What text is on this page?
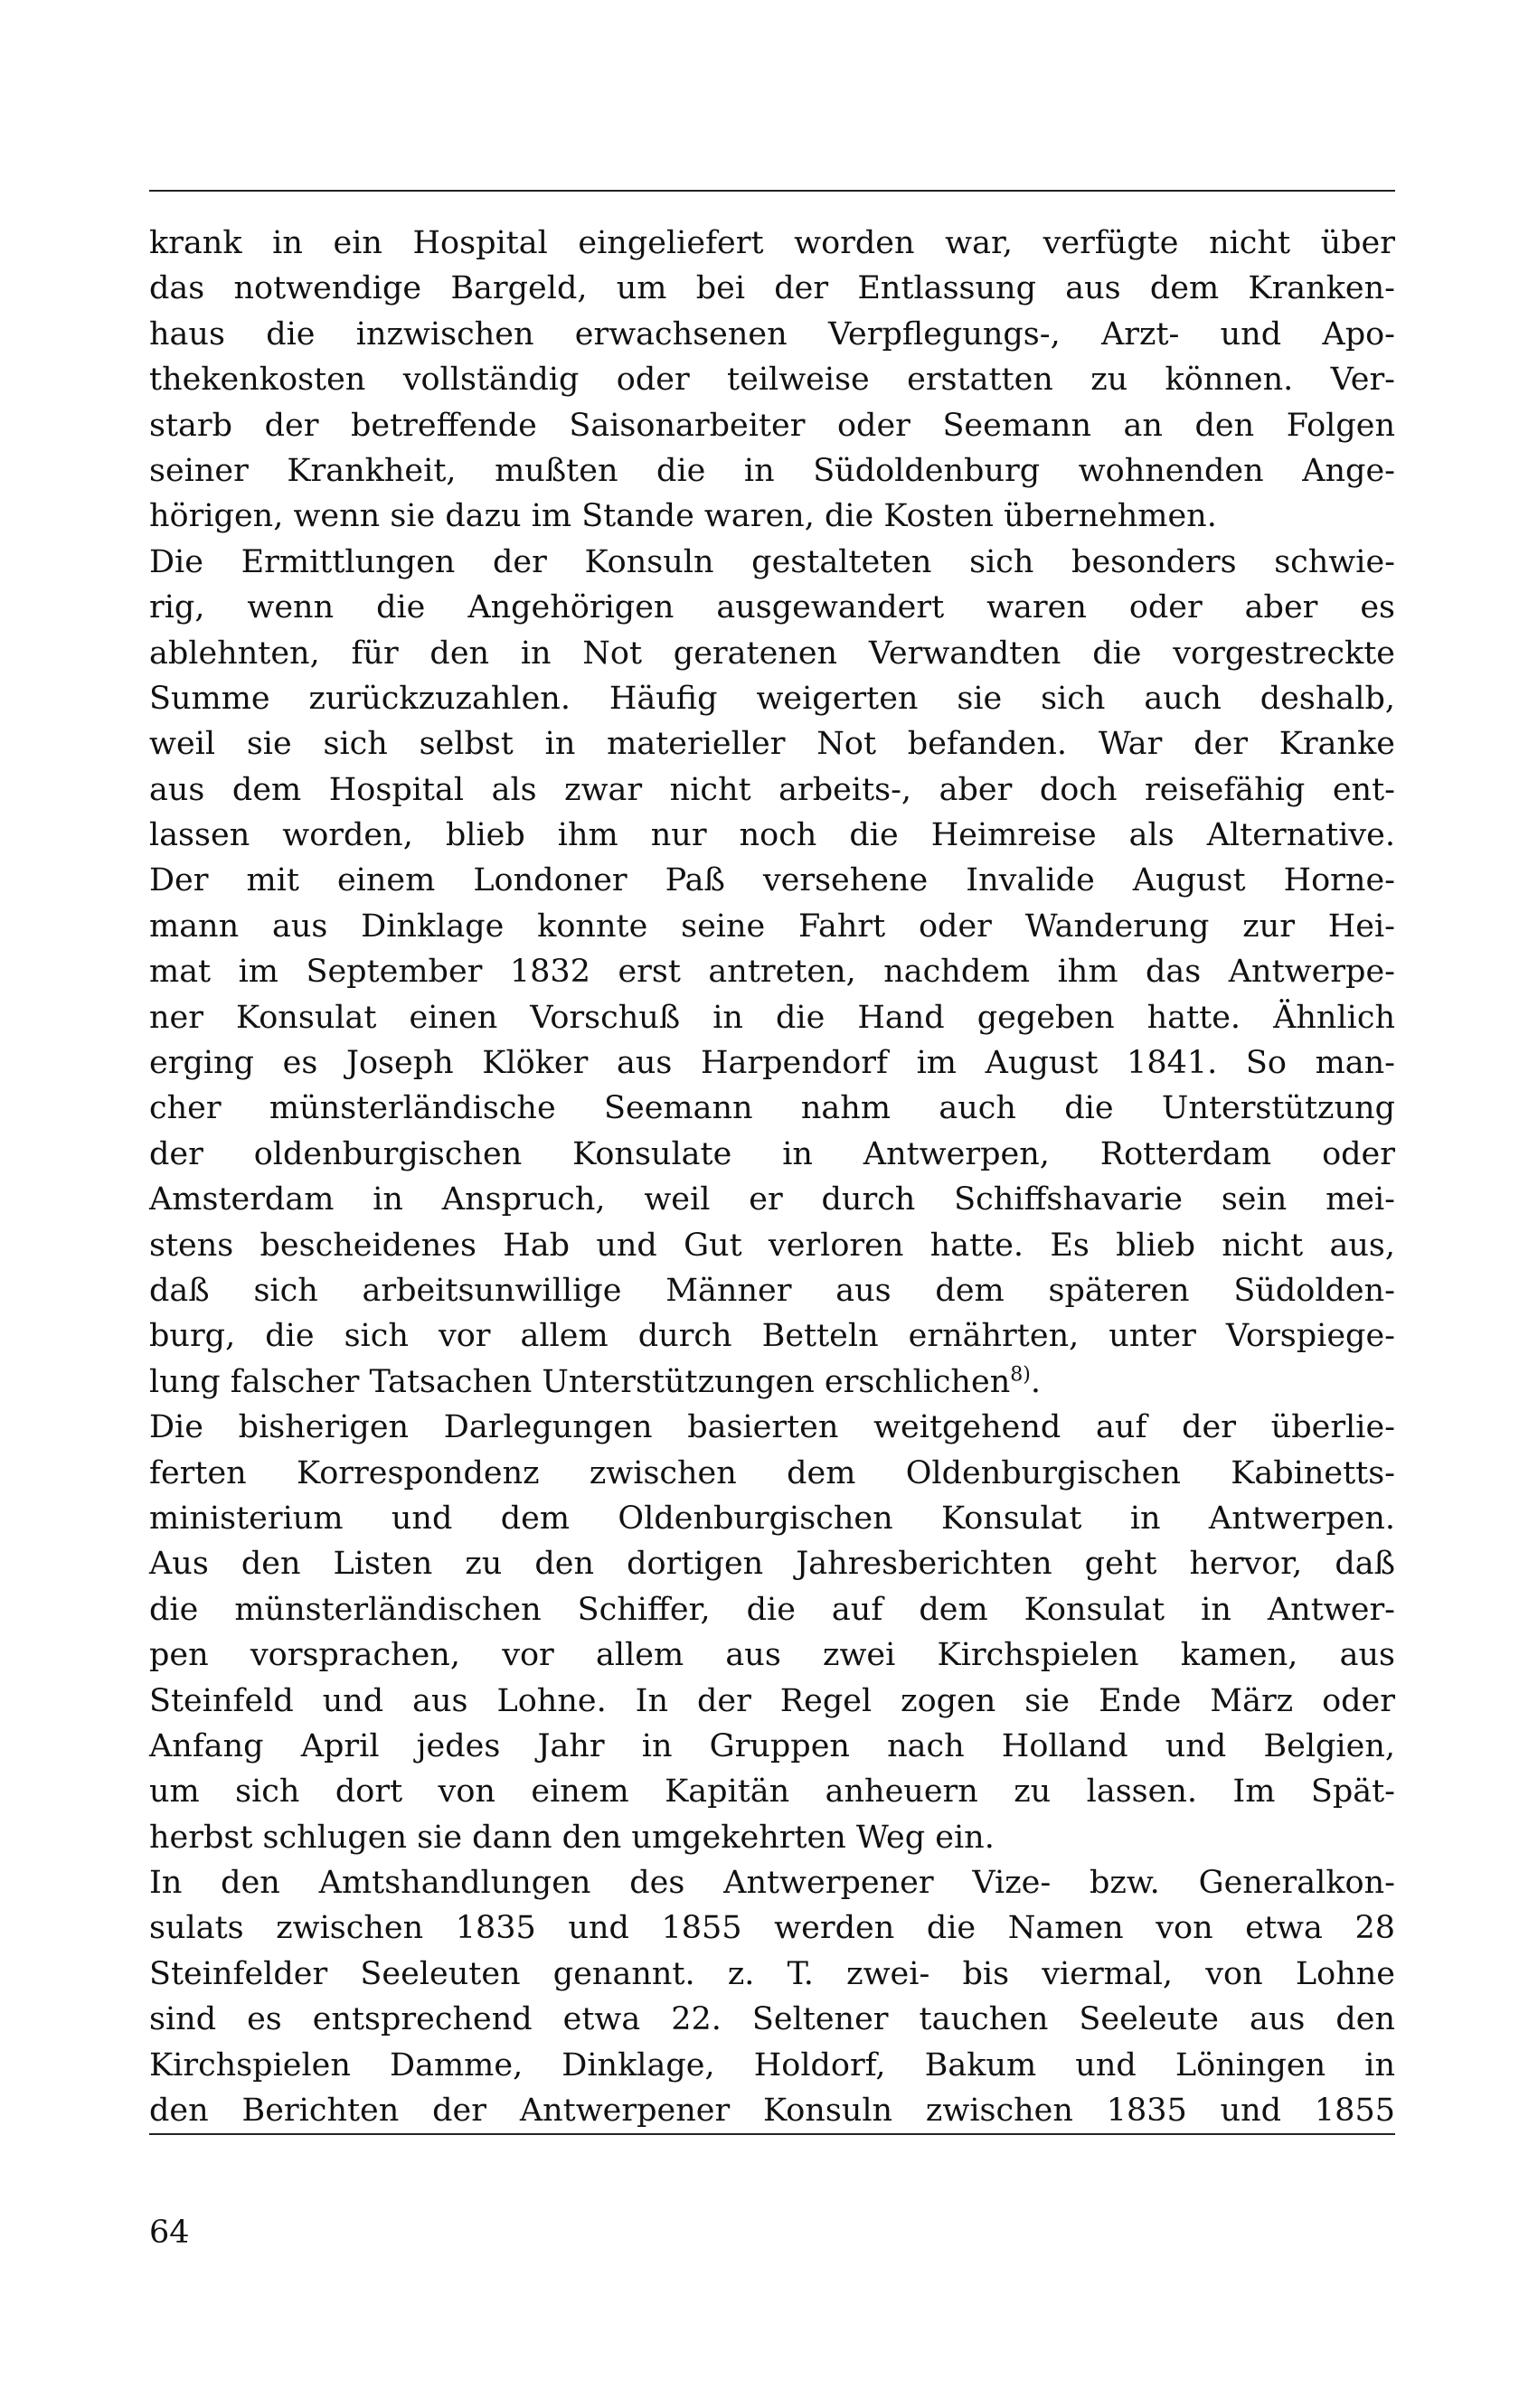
krank in ein Hospital eingeliefert worden war, verfügte nicht über
das notwendige Bargeld, um bei der Entlassung aus dem Kranken-
haus die inzwischen erwachsenen Verpflegungs-, Arzt- und Apo-
thekenkosten vollständig oder teilweise erstatten zu können. Ver-
starb der betreffende Saisonarbeiter oder Seemann an den Folgen
seiner Krankheit, mußten die in Südoldenburg wohnenden Ange-
hörigen, wenn sie dazu im Stande waren, die Kosten übernehmen.
Die Ermittlungen der Konsuln gestalteten sich besonders schwie-
rig, wenn die Angehörigen ausgewandert waren oder aber es
ablehnten, für den in Not geratenen Verwandten die vorgestreckte
Summe zurückzuzahlen. Häufig weigerten sie sich auch deshalb,
weil sie sich selbst in materieller Not befanden. War der Kranke
aus dem Hospital als zwar nicht arbeits-, aber doch reisefähig ent-
lassen worden, blieb ihm nur noch die Heimreise als Alternative.
Der mit einem Londoner Paß versehene Invalide August Horne-
mann aus Dinklage konnte seine Fahrt oder Wanderung zur Hei-
mat im September 1832 erst antreten, nachdem ihm das Antwerpe-
ner Konsulat einen Vorschuß in die Hand gegeben hatte. Ähnlich
erging es Joseph Klöker aus Harpendorf im August 1841. So man-
cher münsterländische Seemann nahm auch die Unterstützung
der oldenburgischen Konsulate in Antwerpen, Rotterdam oder
Amsterdam in Anspruch, weil er durch Schiffshavarie sein mei-
stens bescheidenes Hab und Gut verloren hatte. Es blieb nicht aus,
daß sich arbeitsunwillige Männer aus dem späteren Südolden-
burg, die sich vor allem durch Betteln ernährten, unter Vorspiege-
lung falscher Tatsachen Unterstützungen erschlichen$^{8)}$.
Die bisherigen Darlegungen basierten weitgehend auf der überlie-
ferten Korrespondenz zwischen dem Oldenburgischen Kabinetts-
ministerium und dem Oldenburgischen Konsulat in Antwerpen.
Aus den Listen zu den dortigen Jahresberichten geht hervor, daß
die münsterländischen Schiffer, die auf dem Konsulat in Antwer-
pen vorsprachen, vor allem aus zwei Kirchspielen kamen, aus
Steinfeld und aus Lohne. In der Regel zogen sie Ende März oder
Anfang April jedes Jahr in Gruppen nach Holland und Belgien,
um sich dort von einem Kapitän anheuern zu lassen. Im Spät-
herbst schlugen sie dann den umgekehrten Weg ein.
In den Amtshandlungen des Antwerpener Vize- bzw. Generalkon-
sulats zwischen 1835 und 1855 werden die Namen von etwa 28
Steinfelder Seeleuten genannt. z. T. zwei- bis viermal, von Lohne
sind es entsprechend etwa 22. Seltener tauchen Seeleute aus den
Kirchspielen Damme, Dinklage, Holdorf, Bakum und Löningen in
den Berichten der Antwerpener Konsuln zwischen 1835 und 1855
64
